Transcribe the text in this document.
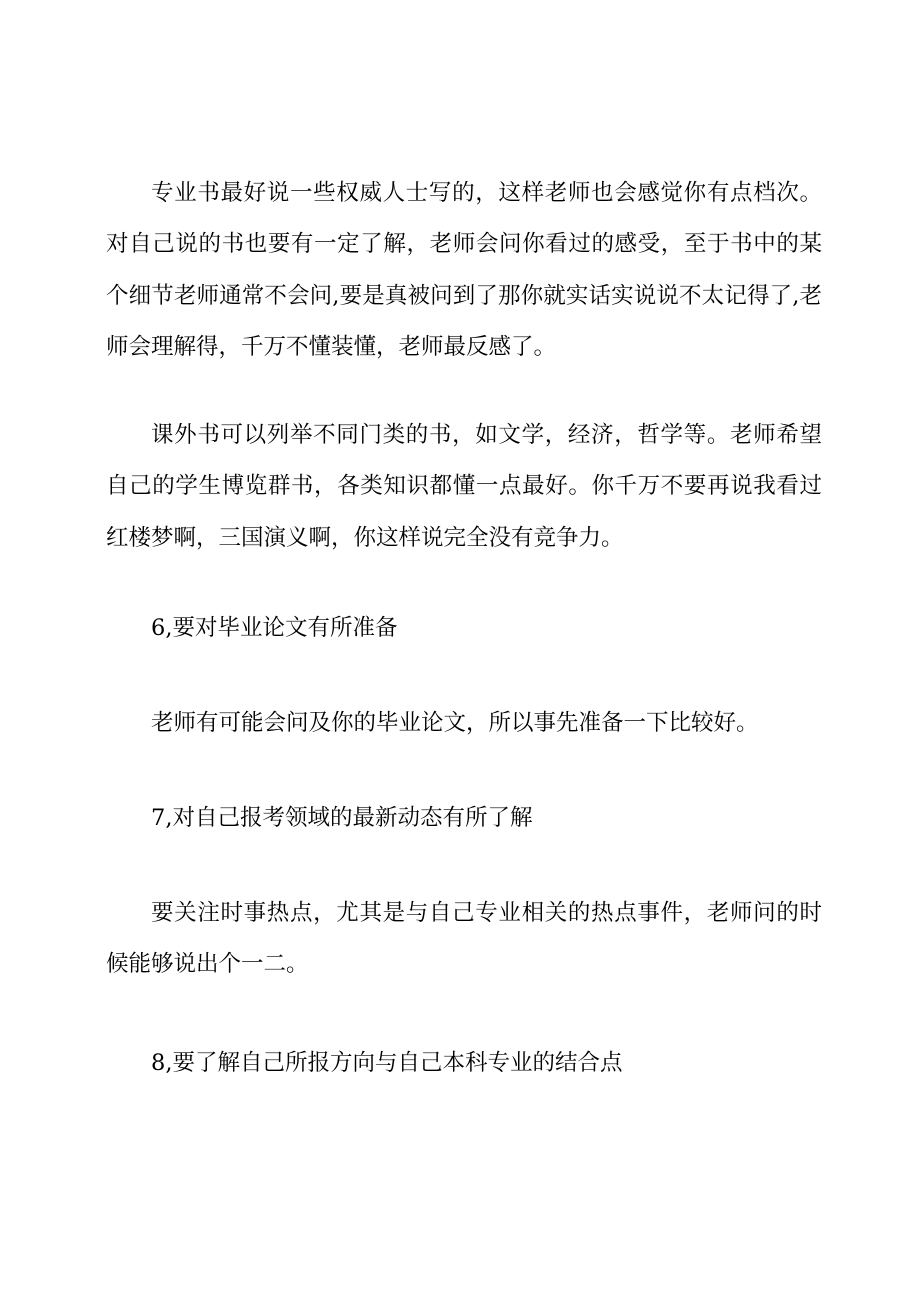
专业书最好说一些权威人士写的，这样老师也会感觉你有点档次。对自己说的书也要有一定了解，老师会问你看过的感受，至于书中的某个细节老师通常不会问,要是真被问到了那你就实话实说说不太记得了,老师会理解得，千万不懂装懂，老师最反感了。

课外书可以列举不同门类的书，如文学，经济，哲学等。老师希望自己的学生博览群书，各类知识都懂一点最好。你千万不要再说我看过红楼梦啊，三国演义啊，你这样说完全没有竞争力。

6,要对毕业论文有所准备

老师有可能会问及你的毕业论文，所以事先准备一下比较好。

7,对自己报考领域的最新动态有所了解

要关注时事热点，尤其是与自己专业相关的热点事件，老师问的时候能够说出个一二。

8,要了解自己所报方向与自己本科专业的结合点
